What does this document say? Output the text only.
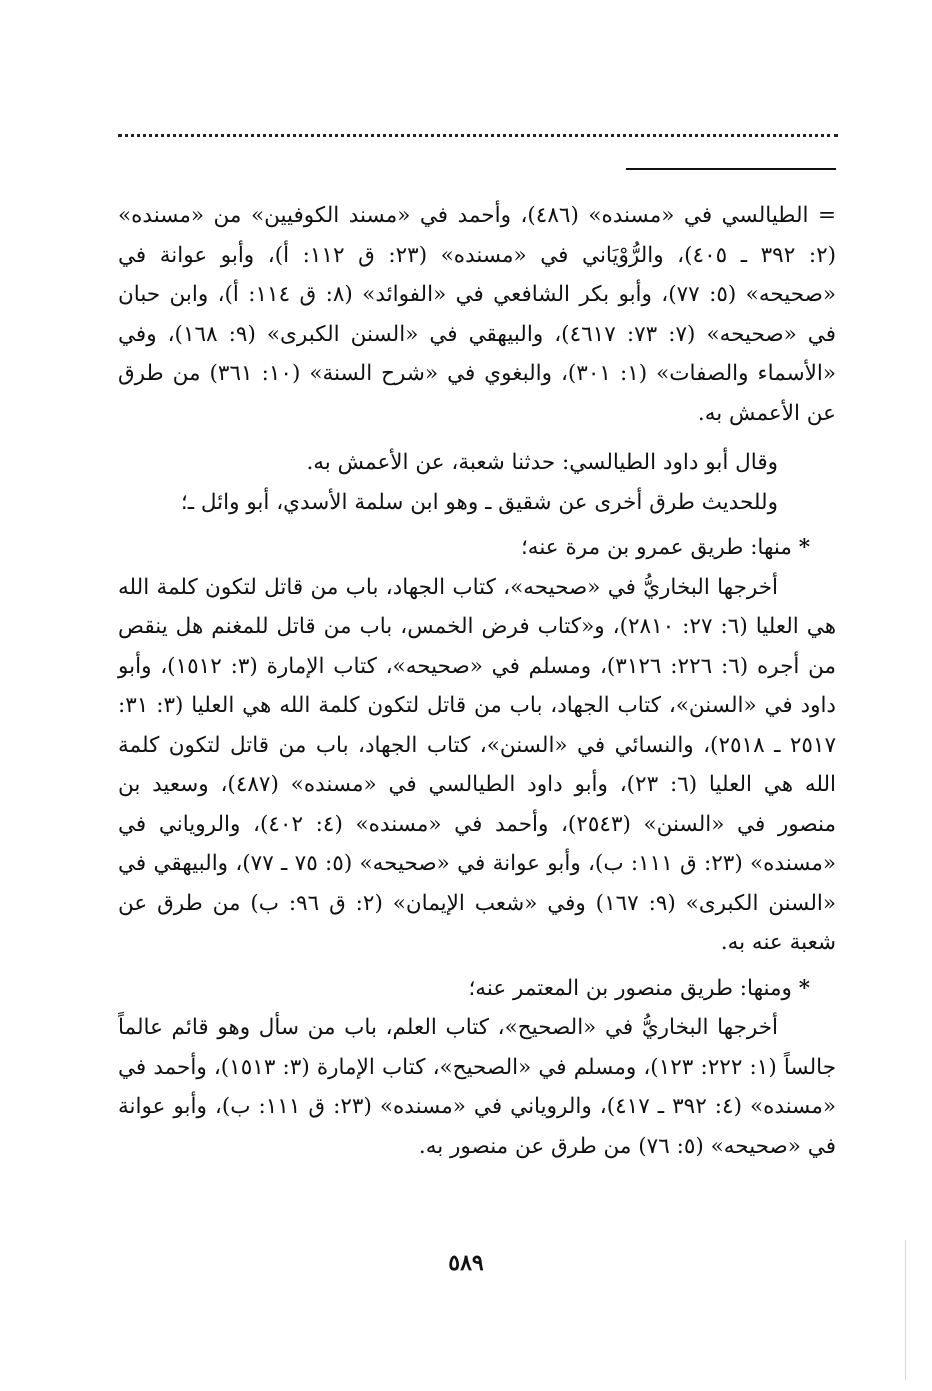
= الطيالسي في «مسنده» (٤٨٦)، وأحمد في «مسند الكوفيين» من «مسنده» (٢: ٣٩٢ ـ ٤٠٥)، والرُّوْيَاني في «مسنده» (٢٣: ق ١١٢: أ)، وأبو عوانة في «صحيحه» (٥: ٧٧)، وأبو بكر الشافعي في «الفوائد» (٨: ق ١١٤: أ)، وابن حبان في «صحيحه» (٧: ٧٣: ٤٦١٧)، والبيهقي في «السنن الكبرى» (٩: ١٦٨)، وفي «الأسماء والصفات» (١: ٣٠١)، والبغوي في «شرح السنة» (١٠: ٣٦١) من طرق عن الأعمش به.

وقال أبو داود الطيالسي: حدثنا شعبة، عن الأعمش به.

وللحديث طرق أخرى عن شقيق ـ وهو ابن سلمة الأسدي، أبو وائل ـ؛

* منها: طريق عمرو بن مرة عنه؛

أخرجها البخاريُّ في «صحيحه»، كتاب الجهاد، باب من قاتل لتكون كلمة الله هي العليا (٦: ٢٧: ٢٨١٠)، و«كتاب فرض الخمس، باب من قاتل للمغنم هل ينقص من أجره (٦: ٢٢٦: ٣١٢٦)، ومسلم في «صحيحه»، كتاب الإمارة (٣: ١٥١٢)، وأبو داود في «السنن»، كتاب الجهاد، باب من قاتل لتكون كلمة الله هي العليا (٣: ٣١: ٢٥١٧ ـ ٢٥١٨)، والنسائي في «السنن»، كتاب الجهاد، باب من قاتل لتكون كلمة الله هي العليا (٦: ٢٣)، وأبو داود الطيالسي في «مسنده» (٤٨٧)، وسعيد بن منصور في «السنن» (٢٥٤٣)، وأحمد في «مسنده» (٤: ٤٠٢)، والروياني في «مسنده» (٢٣: ق ١١١: ب)، وأبو عوانة في «صحيحه» (٥: ٧٥ ـ ٧٧)، والبيهقي في «السنن الكبرى» (٩: ١٦٧) وفي «شعب الإيمان» (٢: ق ٩٦: ب) من طرق عن شعبة عنه به.

* ومنها: طريق منصور بن المعتمر عنه؛

أخرجها البخاريُّ في «الصحيح»، كتاب العلم، باب من سأل وهو قائم عالماً جالساً (١: ٢٢٢: ١٢٣)، ومسلم في «الصحيح»، كتاب الإمارة (٣: ١٥١٣)، وأحمد في «مسنده» (٤: ٣٩٢ ـ ٤١٧)، والروياني في «مسنده» (٢٣: ق ١١١: ب)، وأبو عوانة في «صحيحه» (٥: ٧٦) من طرق عن منصور به.

٥٨٩
